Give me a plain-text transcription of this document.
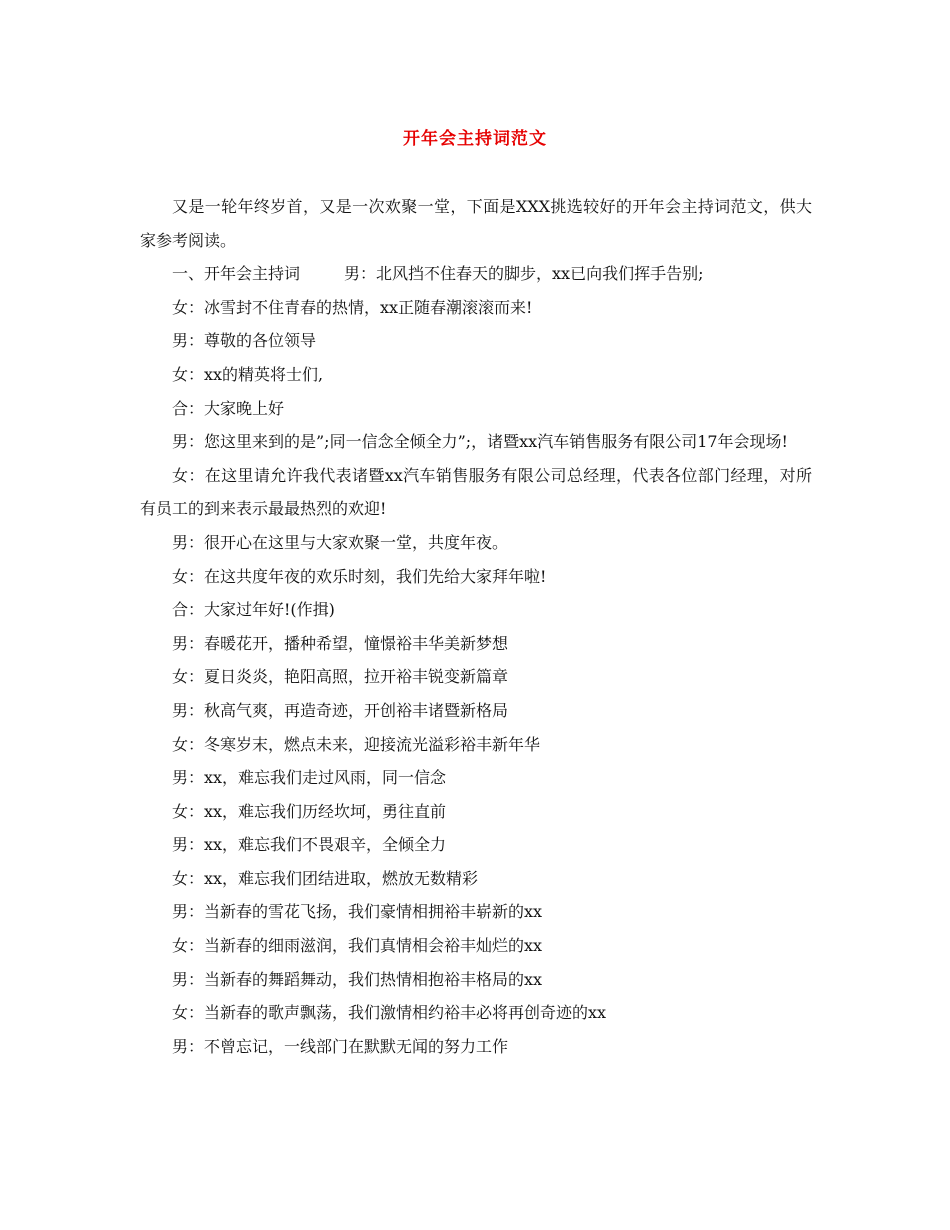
开年会主持词范文

又是一轮年终岁首，又是一次欢聚一堂，下面是XXX挑选较好的开年会主持词范文，供大家参考阅读。

一、开年会主持词	男：北风挡不住春天的脚步，xx已向我们挥手告别;

女：冰雪封不住青春的热情，xx正随春潮滚滚而来!

男：尊敬的各位领导

女：xx的精英将士们,

合：大家晚上好

男：您这里来到的是”;同一信念全倾全力”;，诸暨xx汽车销售服务有限公司17年会现场!

女：在这里请允许我代表诸暨xx汽车销售服务有限公司总经理，代表各位部门经理，对所有员工的到来表示最最热烈的欢迎!

男：很开心在这里与大家欢聚一堂，共度年夜。

女：在这共度年夜的欢乐时刻，我们先给大家拜年啦!

合：大家过年好!(作揖)

男：春暖花开，播种希望，憧憬裕丰华美新梦想

女：夏日炎炎，艳阳高照，拉开裕丰锐变新篇章

男：秋高气爽，再造奇迹，开创裕丰诸暨新格局

女：冬寒岁末，燃点未来，迎接流光溢彩裕丰新年华

男：xx，难忘我们走过风雨，同一信念

女：xx，难忘我们历经坎坷，勇往直前

男：xx，难忘我们不畏艰辛，全倾全力

女：xx，难忘我们团结进取，燃放无数精彩

男：当新春的雪花飞扬，我们豪情相拥裕丰崭新的xx

女：当新春的细雨滋润，我们真情相会裕丰灿烂的xx

男：当新春的舞蹈舞动，我们热情相抱裕丰格局的xx

女：当新春的歌声飘荡，我们激情相约裕丰必将再创奇迹的xx

男：不曾忘记，一线部门在默默无闻的努力工作
